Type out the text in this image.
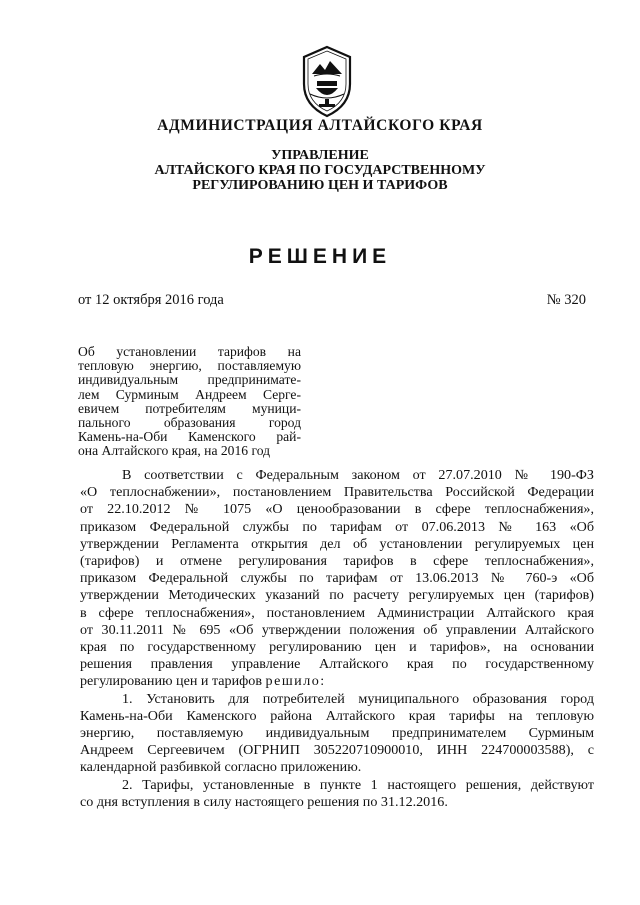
АДМИНИСТРАЦИЯ АЛТАЙСКОГО КРАЯ
УПРАВЛЕНИЕ
АЛТАЙСКОГО КРАЯ ПО ГОСУДАРСТВЕННОМУ
РЕГУЛИРОВАНИЮ ЦЕН И ТАРИФОВ
РЕШЕНИЕ
от 12 октября 2016 года	№ 320
Об установлении тарифов на
тепловую энергию, поставляемую
индивидуальным предпринимате-
лем Сурминым Андреем Серге-
евичем потребителям муници-
пального образования город
Камень-на-Оби Каменского рай-
она Алтайского края, на 2016 год
В соответствии с Федеральным законом от 27.07.2010 № 190-ФЗ
«О теплоснабжении», постановлением Правительства Российской Федерации
от 22.10.2012 № 1075 «О ценообразовании в сфере теплоснабжения»,
приказом Федеральной службы по тарифам от 07.06.2013 № 163 «Об
утверждении Регламента открытия дел об установлении регулируемых цен
(тарифов) и отмене регулирования тарифов в сфере теплоснабжения»,
приказом Федеральной службы по тарифам от 13.06.2013 № 760-э «Об
утверждении Методических указаний по расчету регулируемых цен (тарифов)
в сфере теплоснабжения», постановлением Администрации Алтайского края
от 30.11.2011 № 695 «Об утверждении положения об управлении Алтайского
края по государственному регулированию цен и тарифов», на основании
решения правления управление Алтайского края по государственному
регулированию цен и тарифов решило:
1. Установить для потребителей муниципального образования город
Камень-на-Оби Каменского района Алтайского края тарифы на тепловую
энергию, поставляемую индивидуальным предпринимателем Сурминым
Андреем Сергеевичем (ОГРНИП 305220710900010, ИНН 224700003588), с
календарной разбивкой согласно приложению.
2. Тарифы, установленные в пункте 1 настоящего решения, действуют
со дня вступления в силу настоящего решения по 31.12.2016.
